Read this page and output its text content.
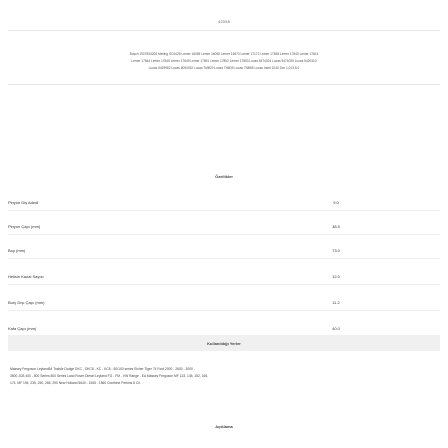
42055
Bosch 1907833205 Melling SO1025 Lemer 16055 Lemer 16055 Lemer 16570 Lemer 17172 Lemer 17838 Lemer 17840 Lemer 17841
Lemer 17844 Lemer 17845 Lemer 17849 Lemer 17851 Lemer 17852 Lemer 17853 Lucas 5474024 Lucas 5474025 Lucas 5420310
Lucas 5429982 Lucas 6050032 Lucas 7MB20 Lucas 7NB35 Lucas 7NB85 Lucas Indel 2240 Zen 1.013.5.0
Özellikler
Pinyon Diş Adedi	9.0
Pinyon Çapı (mm)	38.5
Boy (mm)	73.0
Helisin Kanal Sayısı	12.0
Burç Dışı Çapı (mm)	11.2
Kafa Çapı (mm)	40.0
Kullanıldığı Yerler
Massey Ferguson Leyland54 Traktör Dodge DKC - DKC8 - KC - KC8 - 50/100 series Eicher Tiger 74 Ford 2000 - 2600 - 3000 -
3500 JCB 400 - 500 Series 800 Series Land Rover Diesel Leyland FG - FM - VW Range - EA Massey Ferguson MF 133, 145, 152, 165,
174, MF 194, 235, 250, 265, 290 New Holland 5640 - 1545 - 1560 Combine Perkins 8 Cil.
Açıklama
